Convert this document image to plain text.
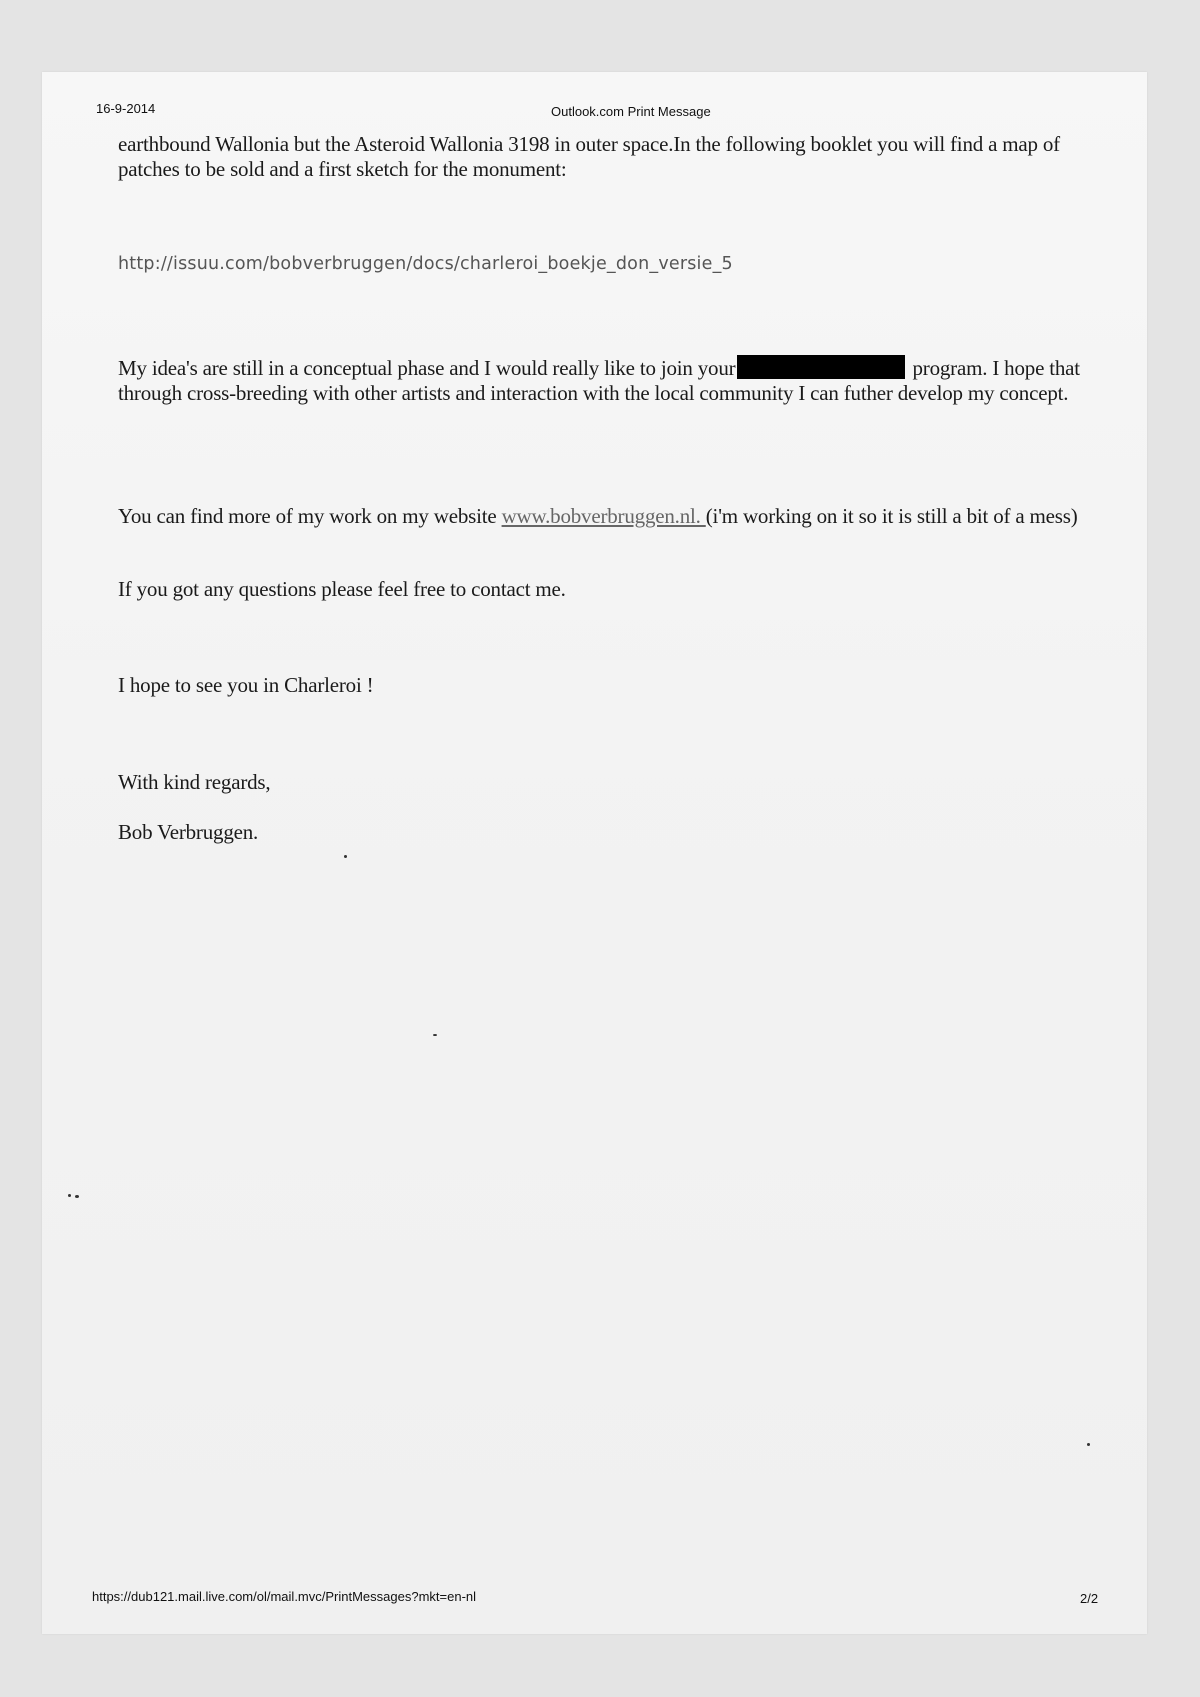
16-9-2014	Outlook.com Print Message

earthbound Wallonia but the Asteroid Wallonia 3198 in outer space.In the following booklet you will find a map of patches to be sold and a first sketch for the monument:

http://issuu.com/bobverbruggen/docs/charleroi_boekje_don_versie_5

My idea's are still in a conceptual phase and I would really like to join your	program. I hope that through cross-breeding with other artists and interaction with the local community I can futher develop my concept.

You can find more of my work on my website www.bobverbruggen.nl. (i'm working on it so it is still a bit of a mess)

If you got any questions please feel free to contact me.

I hope to see you in Charleroi !

With kind regards,

Bob Verbruggen.

https://dub121.mail.live.com/ol/mail.mvc/PrintMessages?mkt=en-nl	2/2
